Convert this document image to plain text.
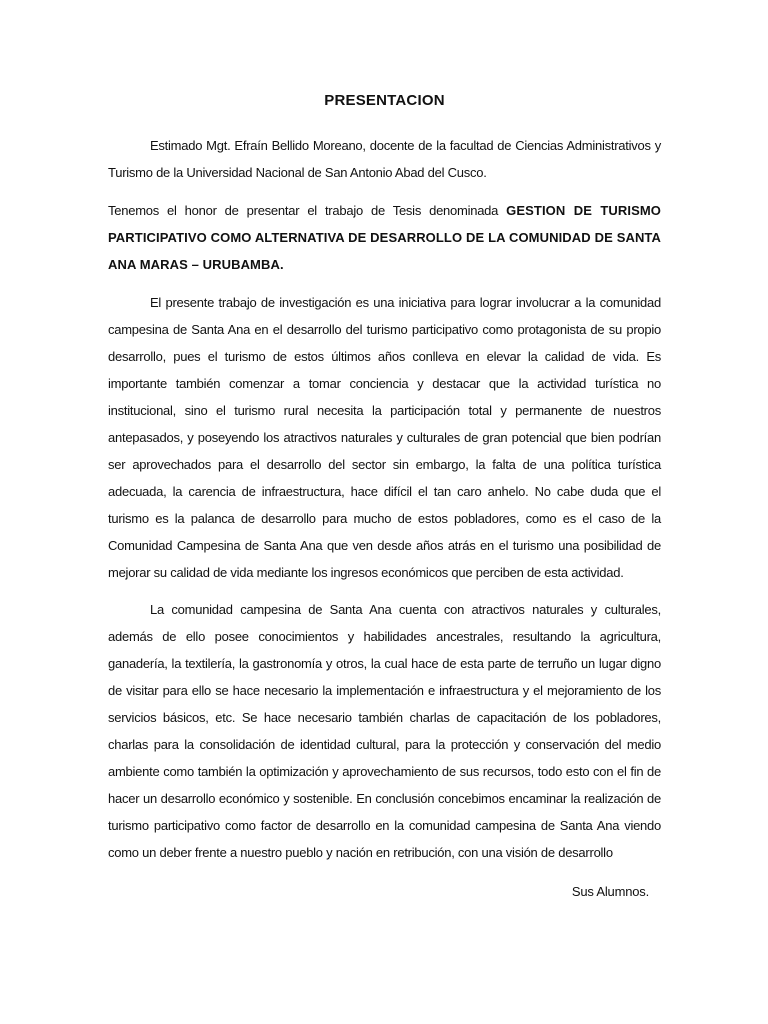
PRESENTACION

Estimado Mgt. Efraín Bellido Moreano, docente de la facultad de Ciencias Administrativos y Turismo de la Universidad Nacional de San Antonio Abad del Cusco.

Tenemos el honor de presentar el trabajo de Tesis denominada GESTION DE TURISMO PARTICIPATIVO COMO ALTERNATIVA DE DESARROLLO DE LA COMUNIDAD DE SANTA ANA MARAS – URUBAMBA.

El presente trabajo de investigación es una iniciativa para lograr involucrar a la comunidad campesina de Santa Ana en el desarrollo del turismo participativo como protagonista de su propio desarrollo, pues el turismo de estos últimos años conlleva en elevar la calidad de vida. Es importante también comenzar a tomar conciencia y destacar que la actividad turística no institucional, sino el turismo rural necesita la participación total y permanente de nuestros antepasados, y poseyendo los atractivos naturales y culturales de gran potencial que bien podrían ser aprovechados para el desarrollo del sector sin embargo, la falta de una política turística adecuada, la carencia de infraestructura, hace difícil el tan caro anhelo. No cabe duda que el turismo es la palanca de desarrollo para mucho de estos pobladores, como es el caso de la Comunidad Campesina de Santa Ana que ven desde años atrás en el turismo una posibilidad de mejorar su calidad de vida mediante los ingresos económicos que perciben de esta actividad.

La comunidad campesina de Santa Ana cuenta con atractivos naturales y culturales, además de ello posee conocimientos y habilidades ancestrales, resultando la agricultura, ganadería, la textilería, la gastronomía y otros, la cual hace de esta parte de terruño un lugar digno de visitar para ello se hace necesario la implementación e infraestructura y el mejoramiento de los servicios básicos, etc. Se hace necesario también charlas de capacitación de los pobladores, charlas para la consolidación de identidad cultural, para la protección y conservación del medio ambiente como también la optimización y aprovechamiento de sus recursos, todo esto con el fin de hacer un desarrollo económico y sostenible. En conclusión concebimos encaminar la realización de turismo participativo como factor de desarrollo en la comunidad campesina de Santa Ana viendo como un deber frente a nuestro pueblo y nación en retribución, con una visión de desarrollo

Sus Alumnos.
